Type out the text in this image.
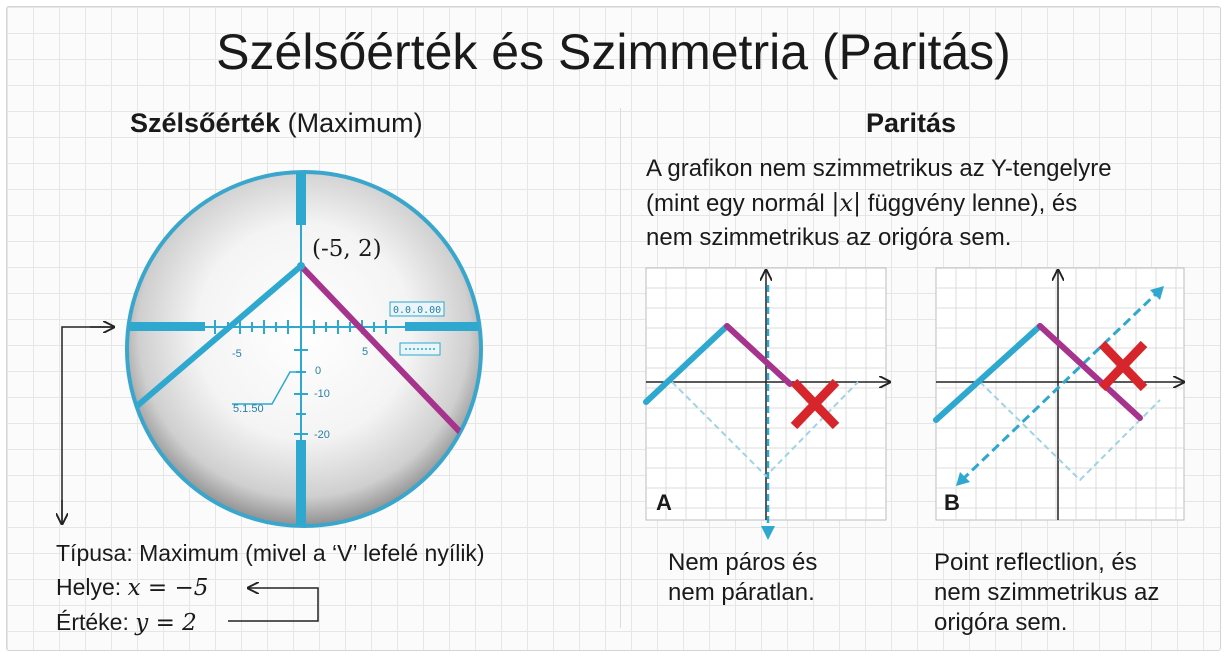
Szélsőérték és Szimmetria (Paritás)
Szélsőérték (Maximum)	Paritás
A grafikon nem szimmetrikus az Y-tengelyre
(mint egy normál |x| függvény lenne), és
nem szimmetrikus az origóra sem.
(-5, 2)
-5	5
0
-10
-20
5.1.50
0.0.0.00
A	B
Típusa: Maximum (mivel a ‘V’ lefelé nyílik)
Helye: x = −5
Értéke: y = 2
Nem páros és
nem páratlan.
Point reflectlion, és
nem szimmetrikus az
origóra sem.
